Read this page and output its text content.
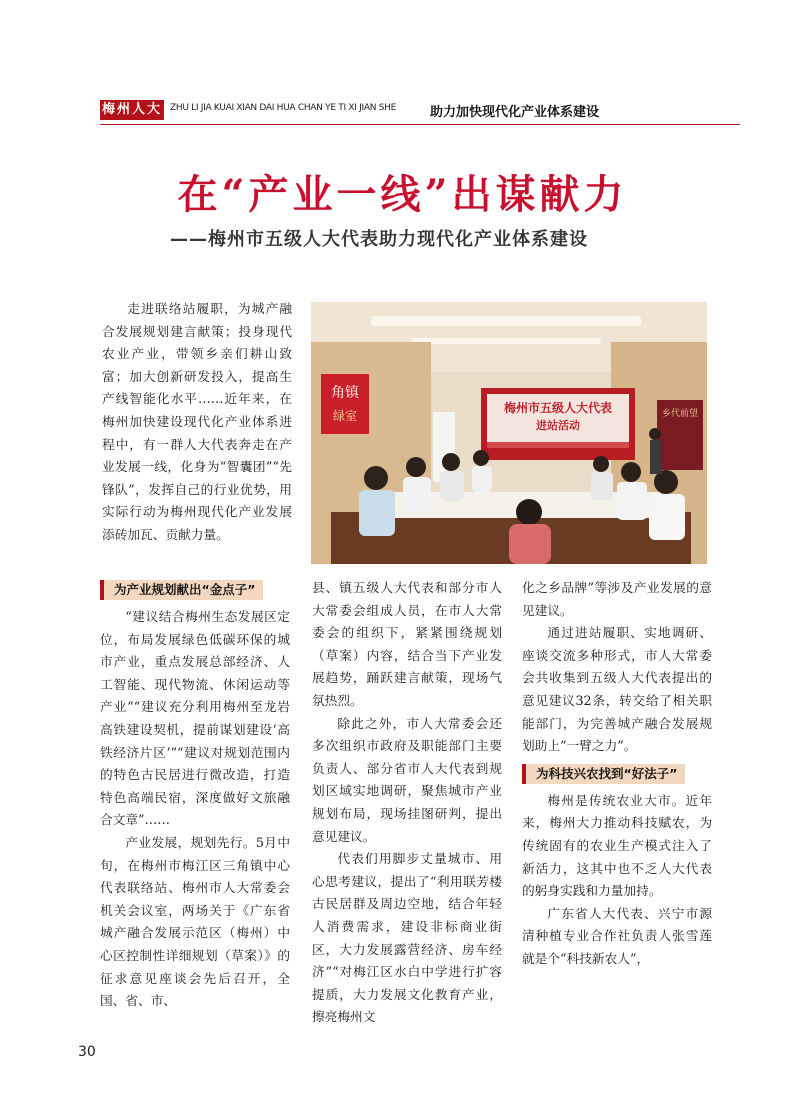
梅州人大 ZHU LI JIA KUAI XIAN DAI HUA CHAN YE TI XI JIAN SHE	助力加快现代化产业体系建设
在“产业一线”出谋献力
——梅州市五级人大代表助力现代化产业体系建设

走进联络站履职，为城产融合发展规划建言献策；投身现代农业产业，带领乡亲们耕山致富；加大创新研发投入，提高生产线智能化水平……近年来，在梅州加快建设现代化产业体系进程中，有一群人大代表奔走在产业发展一线，化身为“智囊团”“先锋队”，发挥自己的行业优势，用实际行动为梅州现代化产业发展添砖加瓦、贡献力量。

角镇
绿室	乡代前望
梅州市五级人大代表
进站活动
为产业规划献出“金点子”

“建议结合梅州生态发展区定位，布局发展绿色低碳环保的城市产业，重点发展总部经济、人工智能、现代物流、休闲运动等产业”“建议充分利用梅州至龙岩高铁建设契机，提前谋划建设‘高铁经济片区’”“建议对规划范围内的特色古民居进行微改造，打造特色高端民宿，深度做好文旅融合文章”……

产业发展，规划先行。5月中旬，在梅州市梅江区三角镇中心代表联络站、梅州市人大常委会机关会议室，两场关于《广东省城产融合发展示范区（梅州）中心区控制性详细规划（草案）》的征求意见座谈会先后召开，全国、省、市、

县、镇五级人大代表和部分市人大常委会组成人员，在市人大常委会的组织下，紧紧围绕规划（草案）内容，结合当下产业发展趋势，踊跃建言献策，现场气氛热烈。

除此之外，市人大常委会还多次组织市政府及职能部门主要负责人、部分省市人大代表到规划区域实地调研，聚焦城市产业规划布局，现场挂图研判，提出意见建议。

代表们用脚步丈量城市、用心思考建议，提出了“利用联芳楼古民居群及周边空地，结合年轻人消费需求，建设非标商业街区，大力发展露营经济、房车经济”“对梅江区水白中学进行扩容提质，大力发展文化教育产业，擦亮梅州文

化之乡品牌”等涉及产业发展的意见建议。

通过进站履职、实地调研、座谈交流多种形式，市人大常委会共收集到五级人大代表提出的意见建议32条，转交给了相关职能部门，为完善城产融合发展规划助上“一臂之力”。

为科技兴农找到“好法子”

梅州是传统农业大市。近年来，梅州大力推动科技赋农，为传统固有的农业生产模式注入了新活力，这其中也不乏人大代表的躬身实践和力量加持。

广东省人大代表、兴宁市源清种植专业合作社负责人张雪莲就是个“科技新农人”，

30
